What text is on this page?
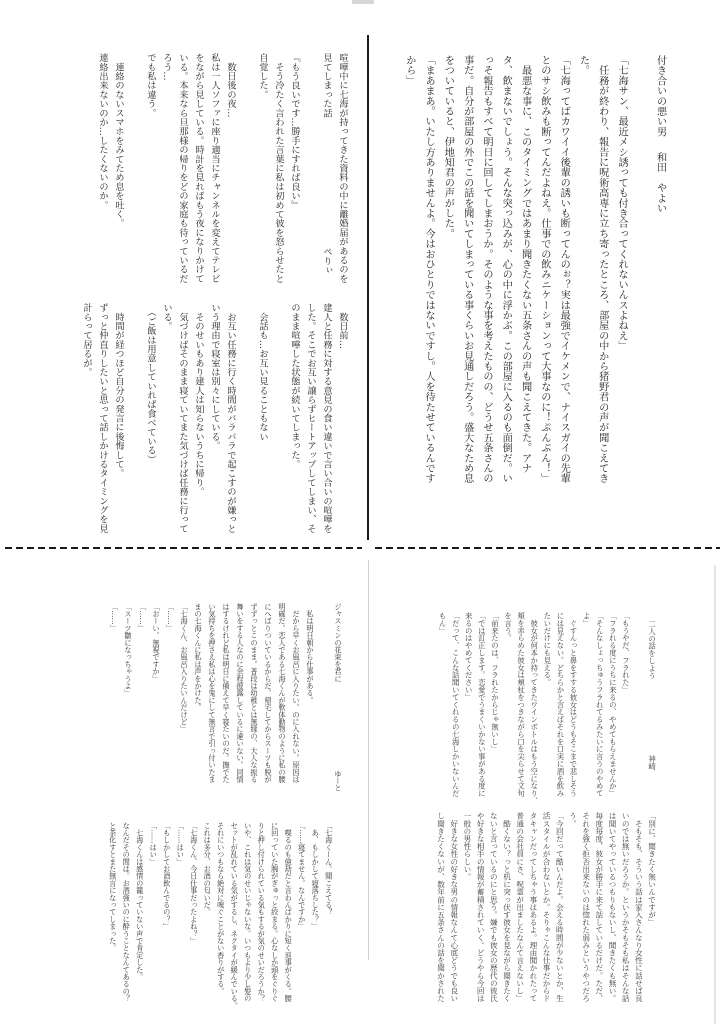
付き合いの悪い男
和田　やよい
「七海サン、最近メシ誘っても付き合ってくれないんスよねえ」
　任務が終わり、報告に呪術高専に立ち寄ったところ、部屋の中から猪野君の声が聞こえてき
た。
「七海ってばカワイイ後輩の誘いも断ってんのぉ？実は最強でイケメンで、ナイスガイの先輩
とのサシ飲みも断ってんだよねえ。仕事での飲みニケーションって大事なのに！ぷんぷん！」
　最悪な事に、このタイミングではあまり聞きたくない五条さんの声も聞こえてきた。アナ
タ、飲まないでしょう。そんな突っ込みが、心の中に浮かぶ。この部屋に入るのも面倒だ。い
っそ報告もすべて明日に回してしまおうか。そのような事を考えたものの、どうせ五条さんの
事だ。自分が部屋の外でこの話を聞いてしまっている事くらいお見通しだろう。盛大なため息
をついていると、伊地知君の声がした。
「まあまあ。いたし方ありませんよ。今はおひとりではないですし。人を待たせているんです
から」
喧嘩中に七海が持ってきた資料の中に離婚届があるのを
見てしまった話
ぺりぃ
『もう良いです…勝手にすれば良い』
　そう冷たく言われた言葉に私は初めて彼を怒らせたと
自覚した。
　数日後の夜…
私は一人ソファに座り適当にチャンネルを変えてテレビ
をながら見している。時計を見ればもう夜になりかけて
いる。本来なら旦那様の帰りをどの家庭も待っているだ
ろう…
でも私は違う。
　連絡のないスマホをみてため息を吐く。
連絡出来ないのか…したくないのか。
　数日前…
建人と任務に対する意見の食い違いで言い合いの喧嘩を
した。そこでお互い譲らずヒートアップしてしまい、そ
のまま喧嘩した状態が続いてしまった。
　会話も…お互い見ることもない
　お互い任務に行く時間がバラバラで起こすのが嫌っと
いう理由で寝室は別々にしている。
　そのせいもあり建人は知らないうちに帰り。
　気づけばそのまま寝ていてまた気づけば任務に行って
いる。
　（ご飯は用意していれば食べている）
　時間が経つほど自分の発言に後悔して。
ずっと仲直りしたいと思って話しかけるタイミングを見
計らって居るが。
二人の話をしよう
神崎
「もうやだ、フラれた」
「フラれる度にうちに来るの、やめてもらえませんか」
「そんなしょっちゅうフラれてるみたいに言うのやめて
よ」
　ぐすんっと鼻をすする彼女はどうもそこまで悲しそう
には見えない。どちらかと言えばそれを口実に酒を飲み
たいだけにも見える。
　彼女が何本か持ってきたワインボトルはもう空になり、
頬を赤らめた彼女は頬杖をつきながら口を尖らせて文句
を言う。
「前来たのは、フラれたからじゃ無いし」
「では訂正します。恋愛でうまくいかない事がある度に
来るのはやめてください」
「だって、こんな話聞いてくれるの七海しかいないんだ
もん」
「別に、聞きたく無いんですが」
　そもそも、そういう話は家入さんなり女性に話せば良
いのでは無いだろうか。というかそもそも私はそんな話
は聞いてやっているつもりもないし、聞きたくも無い。
毎度毎度、彼女が勝手に来て話しているだけだ。ただ、
それを強く拒否出来ないのは惚れた弱みというやつだろ
う。
「今回だって酷いんだよ。会える時間が少ないとか、生
活スタイルが合わないとか。そりゃこんな仕事だからド
タキャンだってしちゃう事はあるよ。理由聞かれたって
普通の会社員にさ、呪霊が出ましたなんて言えないし」
　酷くない？っと机に突っ伏す彼女を見ながら聞きたく
ないと言っているのにと思う。嫌でも彼女の歴代の彼氏
や好きな相手の情報が蓄積されていく。どうやら今回は
一般の男性らしい。
　好きな女性の好きな男の情報なんて心底どうでも良い
し聞きたくないが、数年前に五条さんの話を聞かされた
ジャスミンの花束を君に
ゆーと
　私は明日朝から仕事がある。
　だから早くお風呂に入りたい。のに入れない。原因は
明確だ。恋人である七海くんが軟体動物のように私の腰
にへばりついているからだ。帰宅してからスーツも脱が
ずずっとこのまま。普段は幼稚とは無縁の、大人な振る
舞いをする人なのに余程披露しているに違いない。同情
はするけれど私は明日に備えて早く寝たいのだ。撫でた
い気持ちを押さえ私は心を鬼にして無言で引っ付いたま
まの七海くんに私は声をかけた。
「七海くん、お風呂入りたいんだけど」
「……」
「おーい。無視ですか」
「……」
「スーツ皺になっちゃうよ」
「……」
「七海くーん。聞こえてる？
　あ、もしかして寝落ちした？」
「……寝てません。なんですか」
　喋るのも億劫だと言わんばかりに短く返事がくる。腰
に回っていた腕がぎゅっと絞まる。心なしか頭をぐりぐ
りと押し付けられている気もするが気のせいだろうか？
いや、これは気のせいじゃないな。いつもより少し髪の
セットが乱れている気がするし、ネクタイが緩んでいる。
それにいつもなら絶対に嗅ぐことがない香りがする。
これは多分、お酒の匂いだ。
「七海くん、今日仕事だったよね？」
「……はい」
「もしかしてお酒飲んでるの？」
「……はい」
　七海くんは感情の籠っていない声で肯定した。
なんだその間は。お酒強いのに酔うことなんてあるの？
と茶化すとまた無言になってしまった。
